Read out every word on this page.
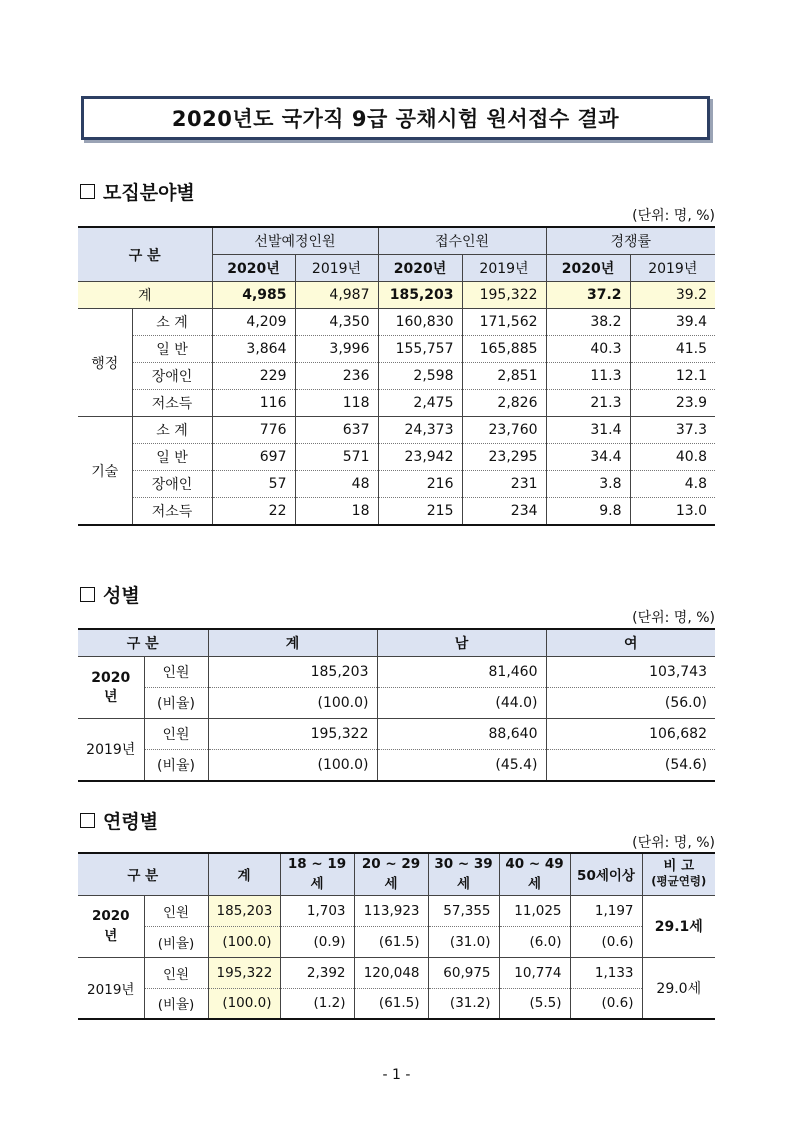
2020년도 국가직 9급 공채시험 원서접수 결과
모집분야별
(단위: 명, %)
구 분		선발예정인원		접수인원		경쟁률	
		2020년	2019년	2020년	2019년	2020년	2019년
계		4,985	4,987	185,203	195,322	37.2	39.2
행정	소 계	4,209	4,350	160,830	171,562	38.2	39.4
	일 반	3,864	3,996	155,757	165,885	40.3	41.5
	장애인	229	236	2,598	2,851	11.3	12.1
	저소득	116	118	2,475	2,826	21.3	23.9
기술	소 계	776	637	24,373	23,760	31.4	37.3
	일 반	697	571	23,942	23,295	34.4	40.8
	장애인	57	48	216	231	3.8	4.8
	저소득	22	18	215	234	9.8	13.0
성별
(단위: 명, %)
구 분		계	남	여
2020년	인원	185,203	81,460	103,743
	(비율)	(100.0)	(44.0)	(56.0)
2019년	인원	195,322	88,640	106,682
	(비율)	(100.0)	(45.4)	(54.6)
연령별
(단위: 명, %)
구 분		계	18 ~ 19세	20 ~ 29세	30 ~ 39세	40 ~ 49세	50세이상	비 고
(평균연령)

2020년	인원	185,203	1,703	113,923	57,355	11,025	1,197	29.1세
	(비율)	(100.0)	(0.9)	(61.5)	(31.0)	(6.0)	(0.6)	
2019년	인원	195,322	2,392	120,048	60,975	10,774	1,133	29.0세
	(비율)	(100.0)	(1.2)	(61.5)	(31.2)	(5.5)	(0.6)	
- 1 -
